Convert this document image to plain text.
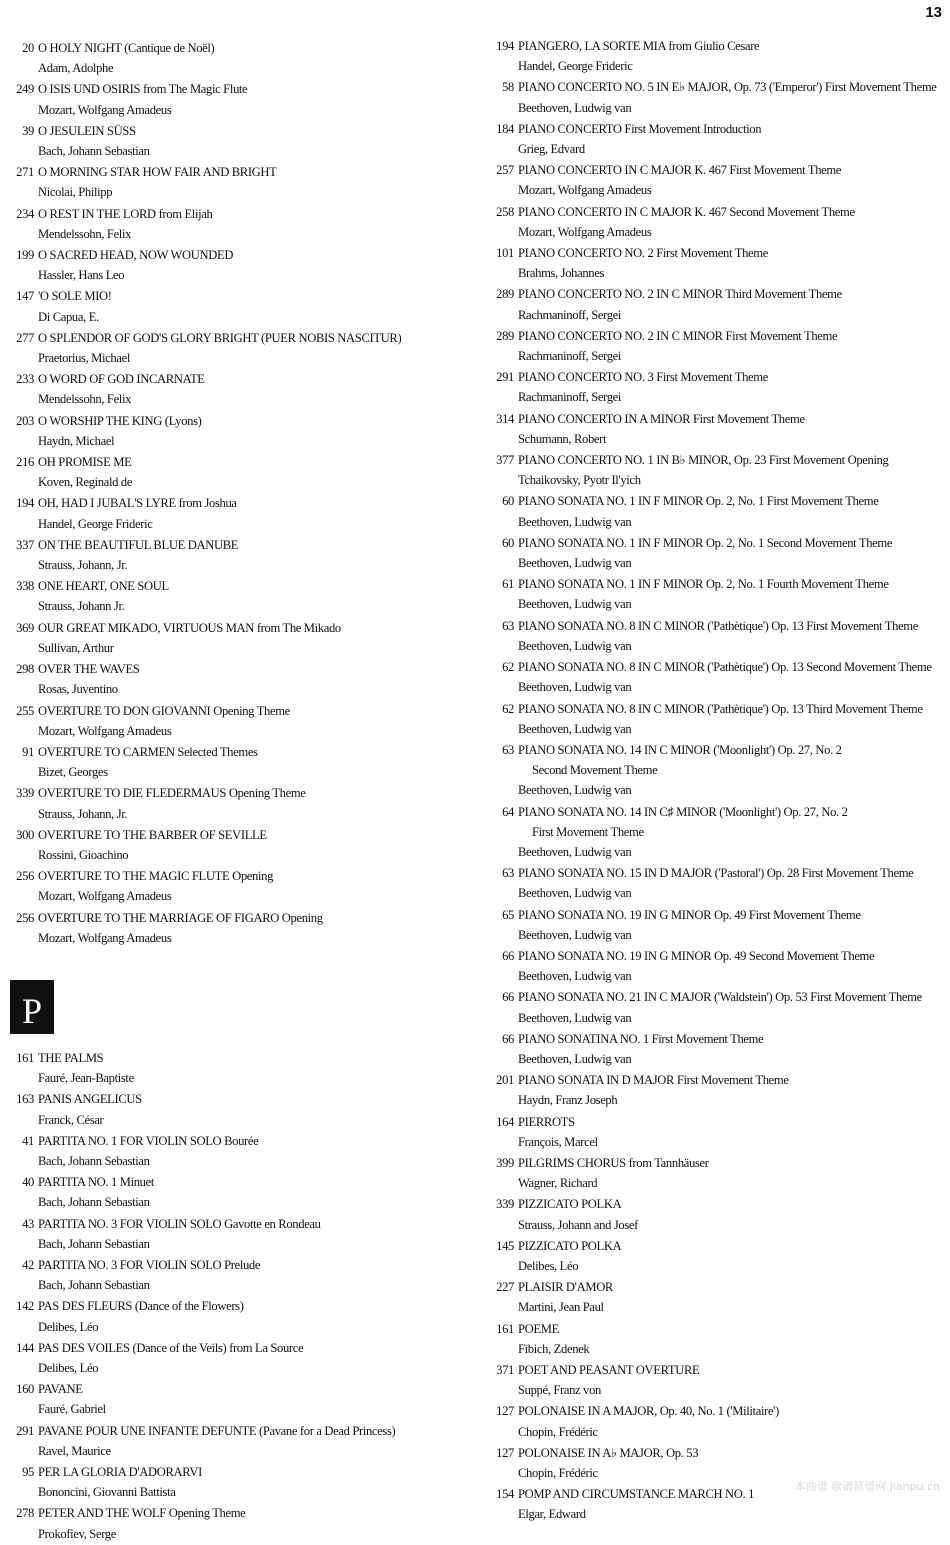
13
20 O HOLY NIGHT (Cantique de Noël)
Adam, Adolphe
249 O ISIS UND OSIRIS from The Magic Flute
Mozart, Wolfgang Amadeus
39 O JESULEIN SÜSS
Bach, Johann Sebastian
271 O MORNING STAR HOW FAIR AND BRIGHT
Nicolai, Philipp
234 O REST IN THE LORD from Elijah
Mendelssohn, Felix
199 O SACRED HEAD, NOW WOUNDED
Hassler, Hans Leo
147 'O SOLE MIO!
Di Capua, E.
277 O SPLENDOR OF GOD'S GLORY BRIGHT (PUER NOBIS NASCITUR)
Praetorius, Michael
233 O WORD OF GOD INCARNATE
Mendelssohn, Felix
203 O WORSHIP THE KING (Lyons)
Haydn, Michael
216 OH PROMISE ME
Koven, Reginald de
194 OH, HAD I JUBAL'S LYRE from Joshua
Handel, George Frideric
337 ON THE BEAUTIFUL BLUE DANUBE
Strauss, Johann, Jr.
338 ONE HEART, ONE SOUL
Strauss, Johann Jr.
369 OUR GREAT MIKADO, VIRTUOUS MAN from The Mikado
Sullivan, Arthur
298 OVER THE WAVES
Rosas, Juventino
255 OVERTURE TO DON GIOVANNI Opening Theme
Mozart, Wolfgang Amadeus
91 OVERTURE TO CARMEN Selected Themes
Bizet, Georges
339 OVERTURE TO DIE FLEDERMAUS Opening Theme
Strauss, Johann, Jr.
300 OVERTURE TO THE BARBER OF SEVILLE
Rossini, Gioachino
256 OVERTURE TO THE MAGIC FLUTE Opening
Mozart, Wolfgang Amadeus
256 OVERTURE TO THE MARRIAGE OF FIGARO Opening
Mozart, Wolfgang Amadeus
P
161 THE PALMS
Fauré, Jean-Baptiste
163 PANIS ANGELICUS
Franck, César
41 PARTITA NO. 1 FOR VIOLIN SOLO Bourée
Bach, Johann Sebastian
40 PARTITA NO. 1 Minuet
Bach, Johann Sebastian
43 PARTITA NO. 3 FOR VIOLIN SOLO Gavotte en Rondeau
Bach, Johann Sebastian
42 PARTITA NO. 3 FOR VIOLIN SOLO Prelude
Bach, Johann Sebastian
142 PAS DES FLEURS (Dance of the Flowers)
Delibes, Léo
144 PAS DES VOILES (Dance of the Veils) from La Source
Delibes, Léo
160 PAVANE
Fauré, Gabriel
291 PAVANE POUR UNE INFANTE DEFUNTE (Pavane for a Dead Princess)
Ravel, Maurice
95 PER LA GLORIA D'ADORARVI
Bononcini, Giovanni Battista
278 PETER AND THE WOLF Opening Theme
Prokofiev, Serge
194 PIANGERO, LA SORTE MIA from Giulio Cesare
Handel, George Frideric
58 PIANO CONCERTO NO. 5 IN E♭ MAJOR, Op. 73 ('Emperor') First Movement Theme
Beethoven, Ludwig van
184 PIANO CONCERTO First Movement Introduction
Grieg, Edvard
257 PIANO CONCERTO IN C MAJOR K. 467 First Movement Theme
Mozart, Wolfgang Amadeus
258 PIANO CONCERTO IN C MAJOR K. 467 Second Movement Theme
Mozart, Wolfgang Amadeus
101 PIANO CONCERTO NO. 2 First Movement Theme
Brahms, Johannes
289 PIANO CONCERTO NO. 2 IN C MINOR Third Movement Theme
Rachmaninoff, Sergei
289 PIANO CONCERTO NO. 2 IN C MINOR First Movement Theme
Rachmaninoff, Sergei
291 PIANO CONCERTO NO. 3 First Movement Theme
Rachmaninoff, Sergei
314 PIANO CONCERTO IN A MINOR First Movement Theme
Schumann, Robert
377 PIANO CONCERTO NO. 1 IN B♭ MINOR, Op. 23 First Movement Opening
Tchaikovsky, Pyotr Il'yich
60 PIANO SONATA NO. 1 IN F MINOR Op. 2, No. 1 First Movement Theme
Beethoven, Ludwig van
60 PIANO SONATA NO. 1 IN F MINOR Op. 2, No. 1 Second Movement Theme
Beethoven, Ludwig van
61 PIANO SONATA NO. 1 IN F MINOR Op. 2, No. 1 Fourth Movement Theme
Beethoven, Ludwig van
63 PIANO SONATA NO. 8 IN C MINOR ('Pathètique') Op. 13 First Movement Theme
Beethoven, Ludwig van
62 PIANO SONATA NO. 8 IN C MINOR ('Pathètique') Op. 13 Second Movement Theme
Beethoven, Ludwig van
62 PIANO SONATA NO. 8 IN C MINOR ('Pathètique') Op. 13 Third Movement Theme
Beethoven, Ludwig van
63 PIANO SONATA NO. 14 IN C MINOR ('Moonlight') Op. 27, No. 2
Second Movement Theme
Beethoven, Ludwig van
64 PIANO SONATA NO. 14 IN C♯ MINOR ('Moonlight') Op. 27, No. 2
First Movement Theme
Beethoven, Ludwig van
63 PIANO SONATA NO. 15 IN D MAJOR ('Pastoral') Op. 28 First Movement Theme
Beethoven, Ludwig van
65 PIANO SONATA NO. 19 IN G MINOR Op. 49 First Movement Theme
Beethoven, Ludwig van
66 PIANO SONATA NO. 19 IN G MINOR Op. 49 Second Movement Theme
Beethoven, Ludwig van
66 PIANO SONATA NO. 21 IN C MAJOR ('Waldstein') Op. 53 First Movement Theme
Beethoven, Ludwig van
66 PIANO SONATINA NO. 1 First Movement Theme
Beethoven, Ludwig van
201 PIANO SONATA IN D MAJOR First Movement Theme
Haydn, Franz Joseph
164 PIERROTS
François, Marcel
399 PILGRIMS CHORUS from Tannhäuser
Wagner, Richard
339 PIZZICATO POLKA
Strauss, Johann and Josef
145 PIZZICATO POLKA
Delibes, Léo
227 PLAISIR D'AMOR
Martini, Jean Paul
161 POEME
Fibich, Zdenek
371 POET AND PEASANT OVERTURE
Suppé, Franz von
127 POLONAISE IN A MAJOR, Op. 40, No. 1 ('Militaire')
Chopin, Frédéric
127 POLONAISE IN A♭ MAJOR, Op. 53
Chopin, Frédéric
154 POMP AND CIRCUMSTANCE MARCH NO. 1
Elgar, Edward
本曲谱 歌谱简谱网 jianpu.cn
